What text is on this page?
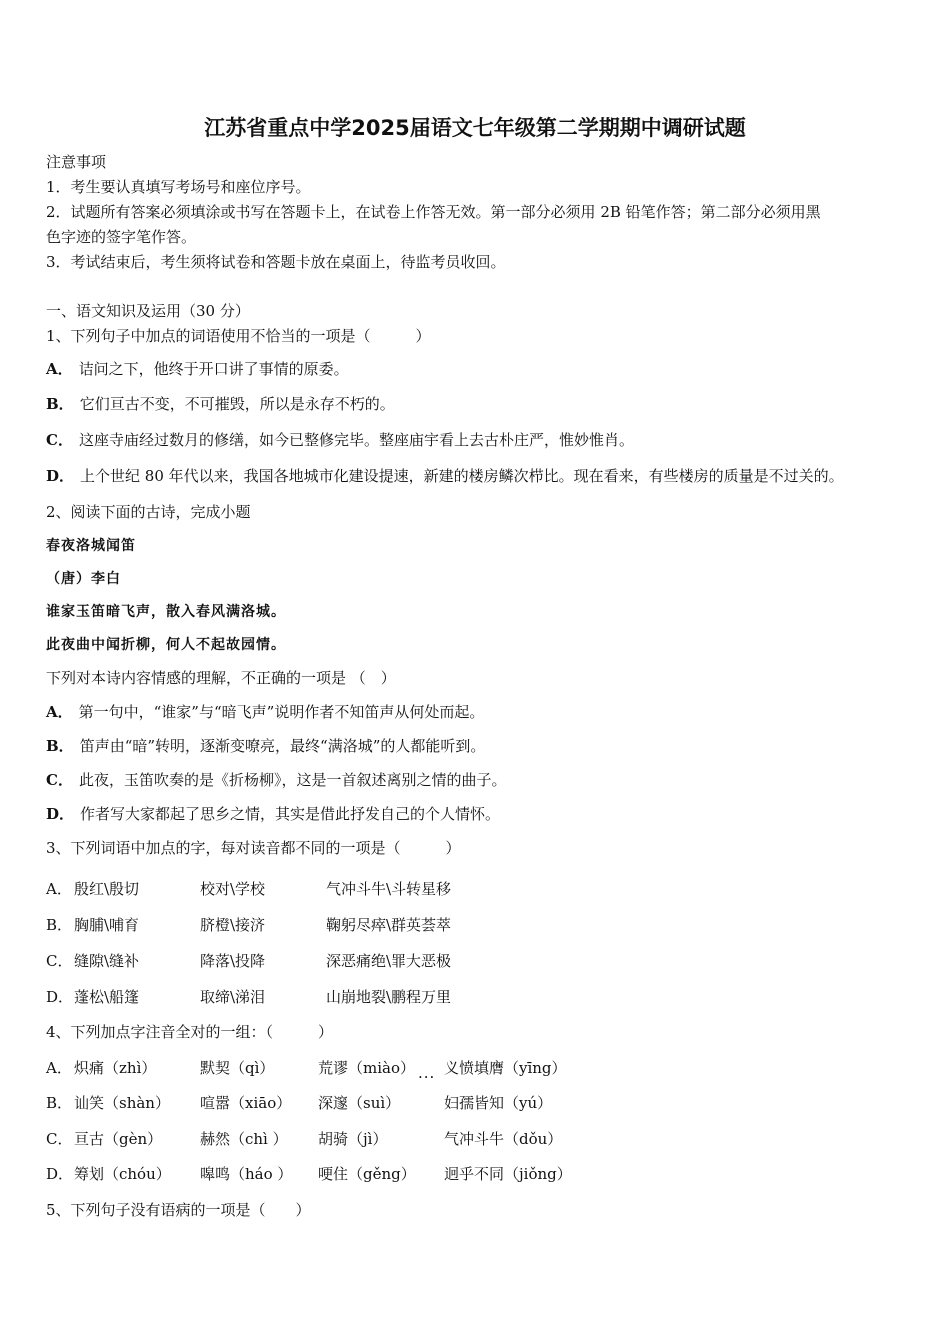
江苏省重点中学2025届语文七年级第二学期期中调研试题
注意事项
1．考生要认真填写考场号和座位序号。
2．试题所有答案必须填涂或书写在答题卡上，在试卷上作答无效。第一部分必须用 2B 铅笔作答；第二部分必须用黑
色字迹的签字笔作答。
3．考试结束后，考生须将试卷和答题卡放在桌面上，待监考员收回。
一、语文知识及运用（30 分）
1、下列句子中加点的词语使用不恰当的一项是（　　　）
A． 诘问之下，他终于开口讲了事情的原委。
B． 它们亘古不变，不可摧毁，所以是永存不朽的。
C． 这座寺庙经过数月的修缮，如今已整修完毕。整座庙宇看上去古朴庄严，惟妙惟肖。
D． 上个世纪 80 年代以来，我国各地城市化建设提速，新建的楼房鳞次栉比。现在看来，有些楼房的质量是不过关的。
2、阅读下面的古诗，完成小题
春夜洛城闻笛
（唐）李白
谁家玉笛暗飞声，散入春风满洛城。
此夜曲中闻折柳，何人不起故园情。
下列对本诗内容情感的理解，不正确的一项是 （　）
A． 第一句中，“谁家”与“暗飞声”说明作者不知笛声从何处而起。
B． 笛声由“暗”转明，逐渐变嘹亮，最终“满洛城”的人都能听到。
C． 此夜，玉笛吹奏的是《折杨柳》，这是一首叙述离别之情的曲子。
D． 作者写大家都起了思乡之情，其实是借此抒发自己的个人情怀。
3、下列词语中加点的字，每对读音都不同的一项是（　　　）
A． 殷红\殷切	校对\学校	气冲斗牛\斗转星移
B． 胸脯\哺育	脐橙\接济	鞠躬尽瘁\群英荟萃
C． 缝隙\缝补	降落\投降	深恶痛绝\罪大恶极
D． 蓬松\船篷	取缔\涕泪	山崩地裂\鹏程万里
4、下列加点字注音全对的一组：（　　　）
A． 炽痛（zhì）	默契（qì）	荒谬（miào） 义愤填膺（yīng）
...
B． 讪笑（shàn） 喧嚣（xiāo） 深邃（suì）	妇孺皆知（yú）
C． 亘古（gèn）	赫然（chì ） 胡骑（jì）	气冲斗牛（dǒu）
D． 筹划（chóu） 嗥鸣（háo ） 哽住（gěng） 迥乎不同（jiǒng）
5、下列句子没有语病的一项是（　　）
